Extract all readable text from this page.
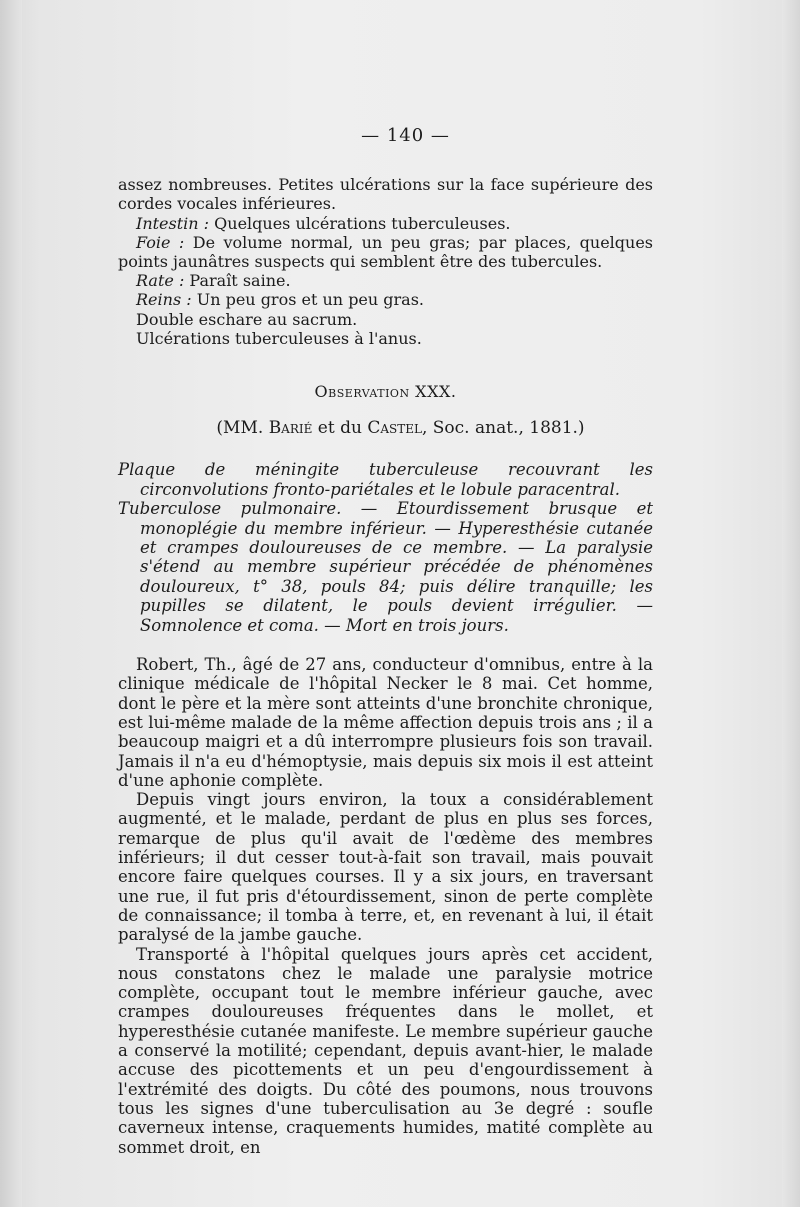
— 140 —

assez nombreuses. Petites ulcérations sur la face supérieure des cordes vocales inférieures.

Intestin : Quelques ulcérations tuberculeuses.

Foie : De volume normal, un peu gras; par places, quelques points jaunâtres suspects qui semblent être des tubercules.

Rate : Paraît saine.

Reins : Un peu gros et un peu gras.

Double eschare au sacrum.

Ulcérations tuberculeuses à l'anus.

Observation XXX.
(MM. Barié et du Castel, Soc. anat., 1881.)

Plaque de méningite tuberculeuse recouvrant les circonvolutions fronto-pariétales et le lobule paracentral.

Tuberculose pulmonaire. — Etourdissement brusque et monoplégie du membre inférieur. — Hyperesthésie cutanée et crampes douloureuses de ce membre. — La paralysie s'étend au membre supérieur précédée de phénomènes douloureux, t° 38, pouls 84; puis délire tranquille; les pupilles se dilatent, le pouls devient irrégulier. — Somnolence et coma. — Mort en trois jours.

Robert, Th., âgé de 27 ans, conducteur d'omnibus, entre à la clinique médicale de l'hôpital Necker le 8 mai. Cet homme, dont le père et la mère sont atteints d'une bronchite chronique, est lui-même malade de la même affection depuis trois ans ; il a beaucoup maigri et a dû interrompre plusieurs fois son travail. Jamais il n'a eu d'hémoptysie, mais depuis six mois il est atteint d'une aphonie complète.

Depuis vingt jours environ, la toux a considérablement augmenté, et le malade, perdant de plus en plus ses forces, remarque de plus qu'il avait de l'œdème des membres inférieurs; il dut cesser tout-à-fait son travail, mais pouvait encore faire quelques courses. Il y a six jours, en traversant une rue, il fut pris d'étourdissement, sinon de perte complète de connaissance; il tomba à terre, et, en revenant à lui, il était paralysé de la jambe gauche.

Transporté à l'hôpital quelques jours après cet accident, nous constatons chez le malade une paralysie motrice complète, occupant tout le membre inférieur gauche, avec crampes douloureuses fréquentes dans le mollet, et hyperesthésie cutanée manifeste. Le membre supérieur gauche a conservé la motilité; cependant, depuis avant-hier, le malade accuse des picottements et un peu d'engourdissement à l'extrémité des doigts. Du côté des poumons, nous trouvons tous les signes d'une tuberculisation au 3e degré : soufle caverneux intense, craquements humides, matité complète au sommet droit, en
